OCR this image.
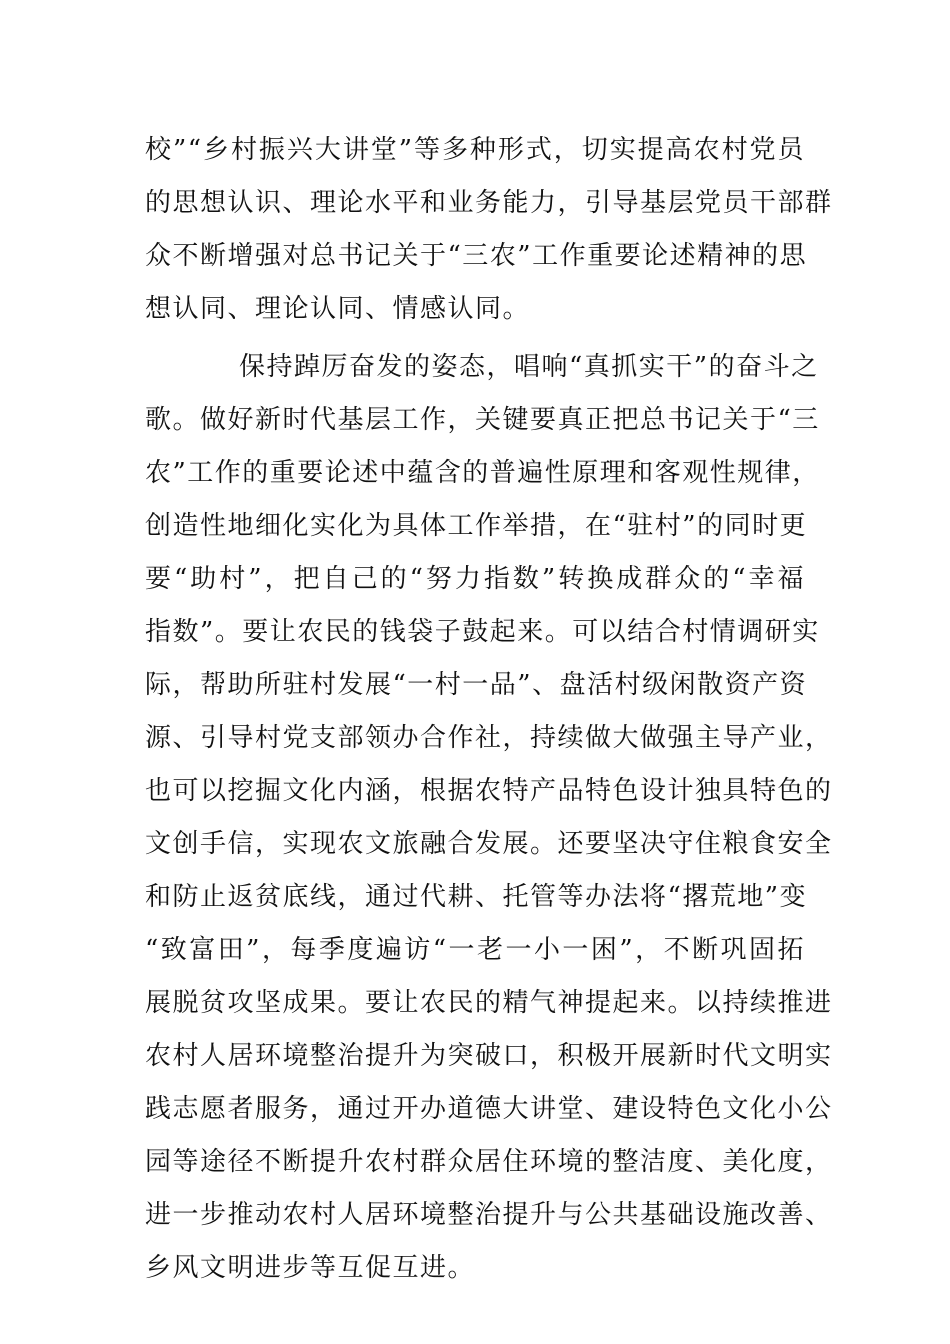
校”“乡村振兴大讲堂”等多种形式，切实提高农村党员
的思想认识、理论水平和业务能力，引导基层党员干部群
众不断增强对总书记关于“三农”工作重要论述精神的思
想认同、理论认同、情感认同。
保持踔厉奋发的姿态，唱响“真抓实干”的奋斗之
歌。做好新时代基层工作，关键要真正把总书记关于“三
农”工作的重要论述中蕴含的普遍性原理和客观性规律，
创造性地细化实化为具体工作举措，在“驻村”的同时更
要“助村”，把自己的“努力指数”转换成群众的“幸福
指数”。要让农民的钱袋子鼓起来。可以结合村情调研实
际，帮助所驻村发展“一村一品”、盘活村级闲散资产资
源、引导村党支部领办合作社，持续做大做强主导产业，
也可以挖掘文化内涵，根据农特产品特色设计独具特色的
文创手信，实现农文旅融合发展。还要坚决守住粮食安全
和防止返贫底线，通过代耕、托管等办法将“撂荒地”变
“致富田”，每季度遍访“一老一小一困”，不断巩固拓
展脱贫攻坚成果。要让农民的精气神提起来。以持续推进
农村人居环境整治提升为突破口，积极开展新时代文明实
践志愿者服务，通过开办道德大讲堂、建设特色文化小公
园等途径不断提升农村群众居住环境的整洁度、美化度，
进一步推动农村人居环境整治提升与公共基础设施改善、
乡风文明进步等互促互进。
